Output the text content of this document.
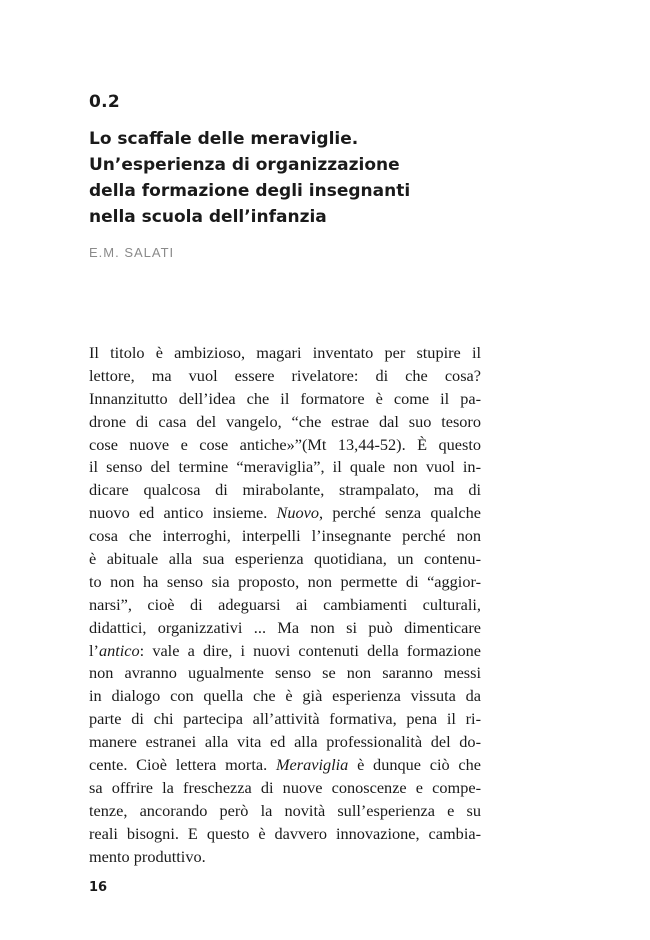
0.2
Lo scaffale delle meraviglie.
Un’esperienza di organizzazione
della formazione degli insegnanti
nella scuola dell’infanzia
E.M. SALATI
Il titolo è ambizioso, magari inventato per stupire il
lettore, ma vuol essere rivelatore: di che cosa?
Innanzitutto dell’idea che il formatore è come il pa-
drone di casa del vangelo, “che estrae dal suo tesoro
cose nuove e cose antiche»”(Mt 13,44-52). È questo
il senso del termine “meraviglia”, il quale non vuol in-
dicare qualcosa di mirabolante, strampalato, ma di
nuovo ed antico insieme. Nuovo, perché senza qualche
cosa che interroghi, interpelli l’insegnante perché non
è abituale alla sua esperienza quotidiana, un contenu-
to non ha senso sia proposto, non permette di “aggior-
narsi”, cioè di adeguarsi ai cambiamenti culturali,
didattici, organizzativi ... Ma non si può dimenticare
l’antico: vale a dire, i nuovi contenuti della formazione
non avranno ugualmente senso se non saranno messi
in dialogo con quella che è già esperienza vissuta da
parte di chi partecipa all’attività formativa, pena il ri-
manere estranei alla vita ed alla professionalità del do-
cente. Cioè lettera morta. Meraviglia è dunque ciò che
sa offrire la freschezza di nuove conoscenze e compe-
tenze, ancorando però la novità sull’esperienza e su
reali bisogni. E questo è davvero innovazione, cambia-
mento produttivo.
16
